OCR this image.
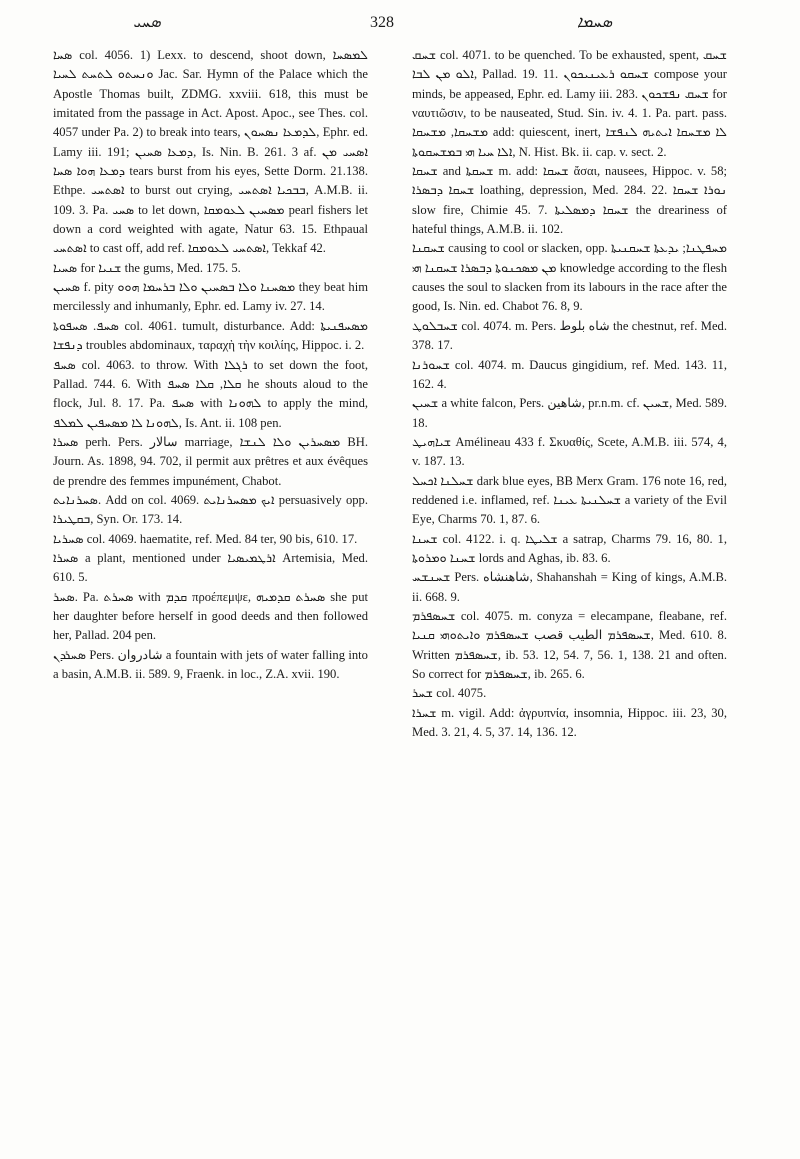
ܣܚܝ	328	ܣܚܡܐ

ܣܚܐ col. 4056. 1) Lexx. to descend, shoot down, ܠܡܣܚܐ ܘܢܚܬܘ ܠܬܚܬ ܠܚܝܐ Jac. Sar. Hymn of the Palace which the Apostle Thomas built, ZDMG. xxviii. 618, this must be imitated from the passage in Act. Apost. Apoc., see Thes. col. 4057 under Pa. 2) to break into tears, ܠܕܡܥܐ ܢܣܚܘܢ, Ephr. ed. Lamy iii. 191; ܕܡܥܐ ܣܚܝܢ, Is. Nin. B. 261. 3 af. ܐܣܚܝ ܡܢ ܕܡܥܐ ܗܘܐ ܣܚܐ tears burst from his eyes, Sette Dorm. 21.138. Ethpe. ܐܣܬܚܝ to burst out crying, ܒܒܟܝܐ ܐܣܬܚܝ, A.M.B. ii. 109. 3. Pa. ܣܚܝ to let down, ܡܣܚܝܢ ܠܥܘܡܩܐ pearl fishers let down a cord weighted with agate, Natur 63. 15. Ethpaual ܐܣܬܚܝ to cast off, add ref. ܐܣܬܚܝ ܠܥܘܡܩܐ, Tekkaf 42.

ܣܚܝܐ for ܫܢܝܐ the gums, Med. 175. 5.

ܣܚܝܢ f. pity ܡܣܚܢܐ ܘܠܐ ܒܣܚܝܢ ܘܠܐ ܒܪܚܡܐ ܗܘܘ they beat him mercilessly and inhumanly, Ephr. ed. Lamy iv. 27. 14.

ܣܚܦ. ܣܚܦܘܬܐ col. 4061. tumult, disturbance. Add: ܡܣܚܦܢܝܬܐ ܕܢܦܫܐ troubles abdominaux, ταραχὴ τὴν κοιλίης, Hippoc. i. 2.

ܣܚܦ col. 4063. to throw. With ܪܓܠܐ to set down the foot, Pallad. 744. 6. With ܩܠܐ, ܩܠܐ ܣܚܦ he shouts aloud to the flock, Jul. 8. 17. Pa. ܣܚܦ with ܠܗܘܢܐ to apply the mind, ܠܗܘܢܐ ܠܐ ܡܣܚܦܝܢ ܠܡܠܦ, Is. Ant. ii. 108 pen.

ܣܚܪܐ perh. Pers. سالار marriage, ܡܣܚܪܝܢ ܘܠܐ ܠܢܫܐ BH. Journ. As. 1898, 94. 702, il permit aux prêtres et aux évêques de prendre des femmes impunément, Chabot.

ܣܚܪܢܐܝܬ. Add on col. 4069. ܐܝܟ ܡܣܚܪܢܐܝܬ persuasively opp. ܒܩܛܝܪܐ, Syn. Or. 173. 14.

ܣܚܪܝܐ col. 4069. haematite, ref. Med. 84 ter, 90 bis, 610. 17.

ܣܚܪܐ a plant, mentioned under ܐܪܛܡܝܣܝܐ Artemisia, Med. 610. 5.

ܣܚܪ. Pa. ܣܚܪܬ with ܩܕܡ προέπεμψε, ܣܚܪܬ ܩܕܡܝܗ she put her daughter before herself in good deeds and then followed her, Pallad. 204 pen.

ܣܚܪܕܢ Pers. شادروان a fountain with jets of water falling into a basin, A.M.B. ii. 589. 9, Fraenk. in loc., Z.A. xvii. 190.

ܫܚܩ col. 4071. to be quenched. To be exhausted, spent, ܫܚܩ ܐܠܘ ܡܢ ܠܒܐ, Pallad. 19. 11. ܫܚܩܘ ܪܥܝܢܝܟܘܢ compose your minds, be appeased, Ephr. ed. Lamy iii. 283. ܫܚܩ ܢܦܫܟܘܢ for ναυτιῶσιν, to be nauseated, Stud. Sin. iv. 4. 1. Pa. part. pass. ܡܫܚܩܐ, ܡܫܚܩܐ add: quiescent, inert, ܠܐ ܡܫܚܩܐ ܐܝܬܝܗ ܠܢܦܫܐ ܐܠܐ ܚܝܐ ܗܝ ܒܡܫܚܩܘܬܐ, N. Hist. Bk. ii. cap. v. sect. 2.

ܫܚܩܐ and ܫܚܩܬܐ m. add: ܫܚܩܐ ἄσαι, nausees, Hippoc. v. 58; ܫܚܩܐ ܕܒܣܪܐ loathing, depression, Med. 284. 22. ܢܘܪܐ ܫܚܩܐ slow fire, Chimie 45. 7. ܫܚܩܐ ܕܡܣܠܝܬܐ the dreariness of hateful things, A.M.B. ii. 102.

ܫܚܩܢܐ causing to cool or slacken, opp. ܡܚܦܛܢܐ; ܝܕܥܬܐ ܫܚܩܢܝܬܐ ܡܢ ܡܣܟܢܘܬܐ ܕܒܣܪܐ ܫܚܩܢܐ ܗܝ knowledge according to the flesh causes the soul to slacken from its labours in the race after the good, Is. Nin. ed. Chabot 76. 8, 9.

ܫܚܒܠܘܛ col. 4074. m. Pers. شاه بلوط the chestnut, ref. Med. 378. 17.

ܫܚܘܪܢܐ col. 4074. m. Daucus gingidium, ref. Med. 143. 11, 162. 4.

ܫܚܝܢ a white falcon, Pers. شاهين, pr.n.m. cf. ܫܚܝܢ, Med. 589. 18.

ܫܝܐܗܝܛ Amélineau 433 f. Σκυαθίς, Scete, A.M.B. iii. 574, 4, v. 187. 13.

ܫܚܠܢܐ ܐܟܚܠ dark blue eyes, BB Merx Gram. 176 note 16, red, reddened i.e. inflamed, ref. ܫܚܠܢܝܬܐ ܥܝܢܐ a variety of the Evil Eye, Charms 70. 1, 87. 6.

ܫܚܢܐ col. 4122. i. q. ܫܠܝܛܐ a satrap, Charms 79. 16, 80. 1, ܫܚܢܐ ܘܡܪܘܬܐ lords and Aghas, ib. 83. 6.

ܫܚܢܫܚ Pers. شاهنشاه, Shahanshah = King of kings, A.M.B. ii. 668. 9.

ܫܚܣܦܪܡ col. 4075. m. conyza = elecampane, fleabane, ref. ܫܚܣܦܪܡ الطيب قصب ܫܚܣܦܪܡ ܘܐܝܬܘܗܝ ܩܢܝܐ, Med. 610. 8. Written ܫܚܣܦܪܡ, ib. 53. 12, 54. 7, 56. 1, 138. 21 and often. So correct for ܫܚܣܦܪܡ, ib. 265. 6.

ܫܚܪ col. 4075.

ܫܚܪܐ m. vigil. Add: ἀγρυπνία, insomnia, Hippoc. iii. 23, 30, Med. 3. 21, 4. 5, 37. 14, 136. 12.
